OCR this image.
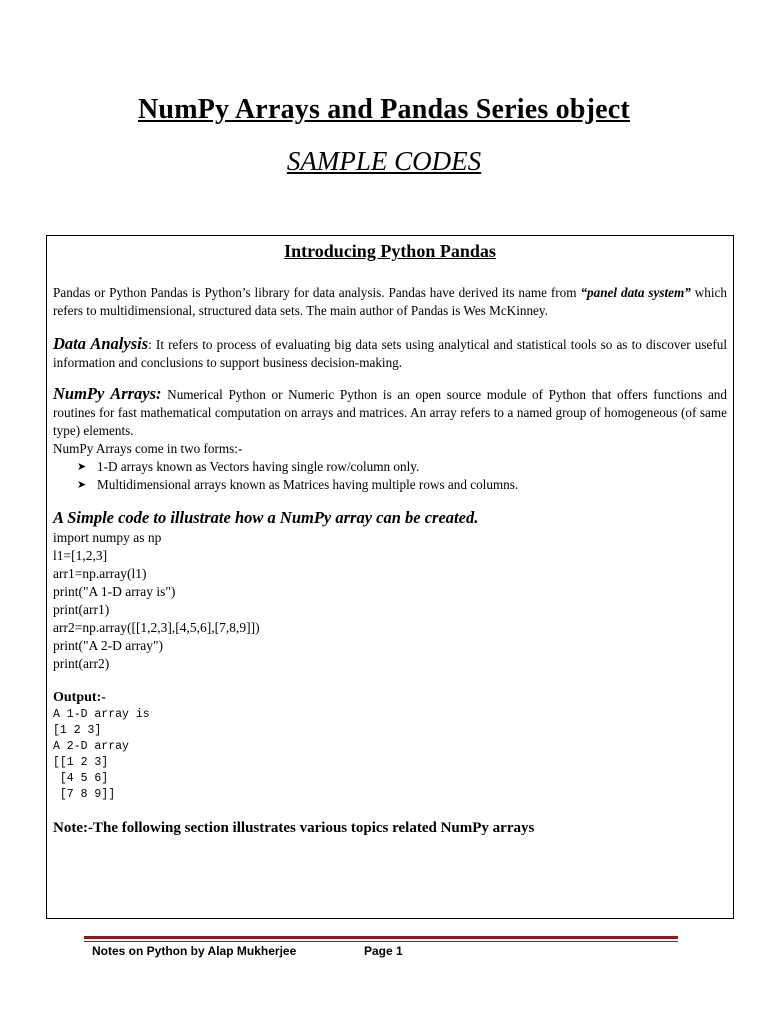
NumPy Arrays and Pandas Series object
SAMPLE CODES
Introducing Python Pandas

Pandas or Python Pandas is Python’s library for data analysis. Pandas have derived its name from “panel data system” which refers to multidimensional, structured data sets. The main author of Pandas is Wes McKinney.

Data Analysis: It refers to process of evaluating big data sets using analytical and statistical tools so as to discover useful information and conclusions to support business decision-making.

NumPy Arrays: Numerical Python or Numeric Python is an open source module of Python that offers functions and routines for fast mathematical computation on arrays and matrices. An array refers to a named group of homogeneous (of same type) elements.

NumPy Arrays come in two forms:-
➤ 1-D arrays known as Vectors having single row/column only.
➤ Multidimensional arrays known as Matrices having multiple rows and columns.
A Simple code to illustrate how a NumPy array can be created.
import numpy as np
l1=[1,2,3]
arr1=np.array(l1)
print("A 1-D array is")
print(arr1)
arr2=np.array([[1,2,3],[4,5,6],[7,8,9]])
print("A 2-D array")
print(arr2)
Output:-
A 1-D array is
[1 2 3]
A 2-D array
[[1 2 3]
[4 5 6]
[7 8 9]]
Note:-The following section illustrates various topics related NumPy arrays
Notes on Python by Alap Mukherjee	Page 1
